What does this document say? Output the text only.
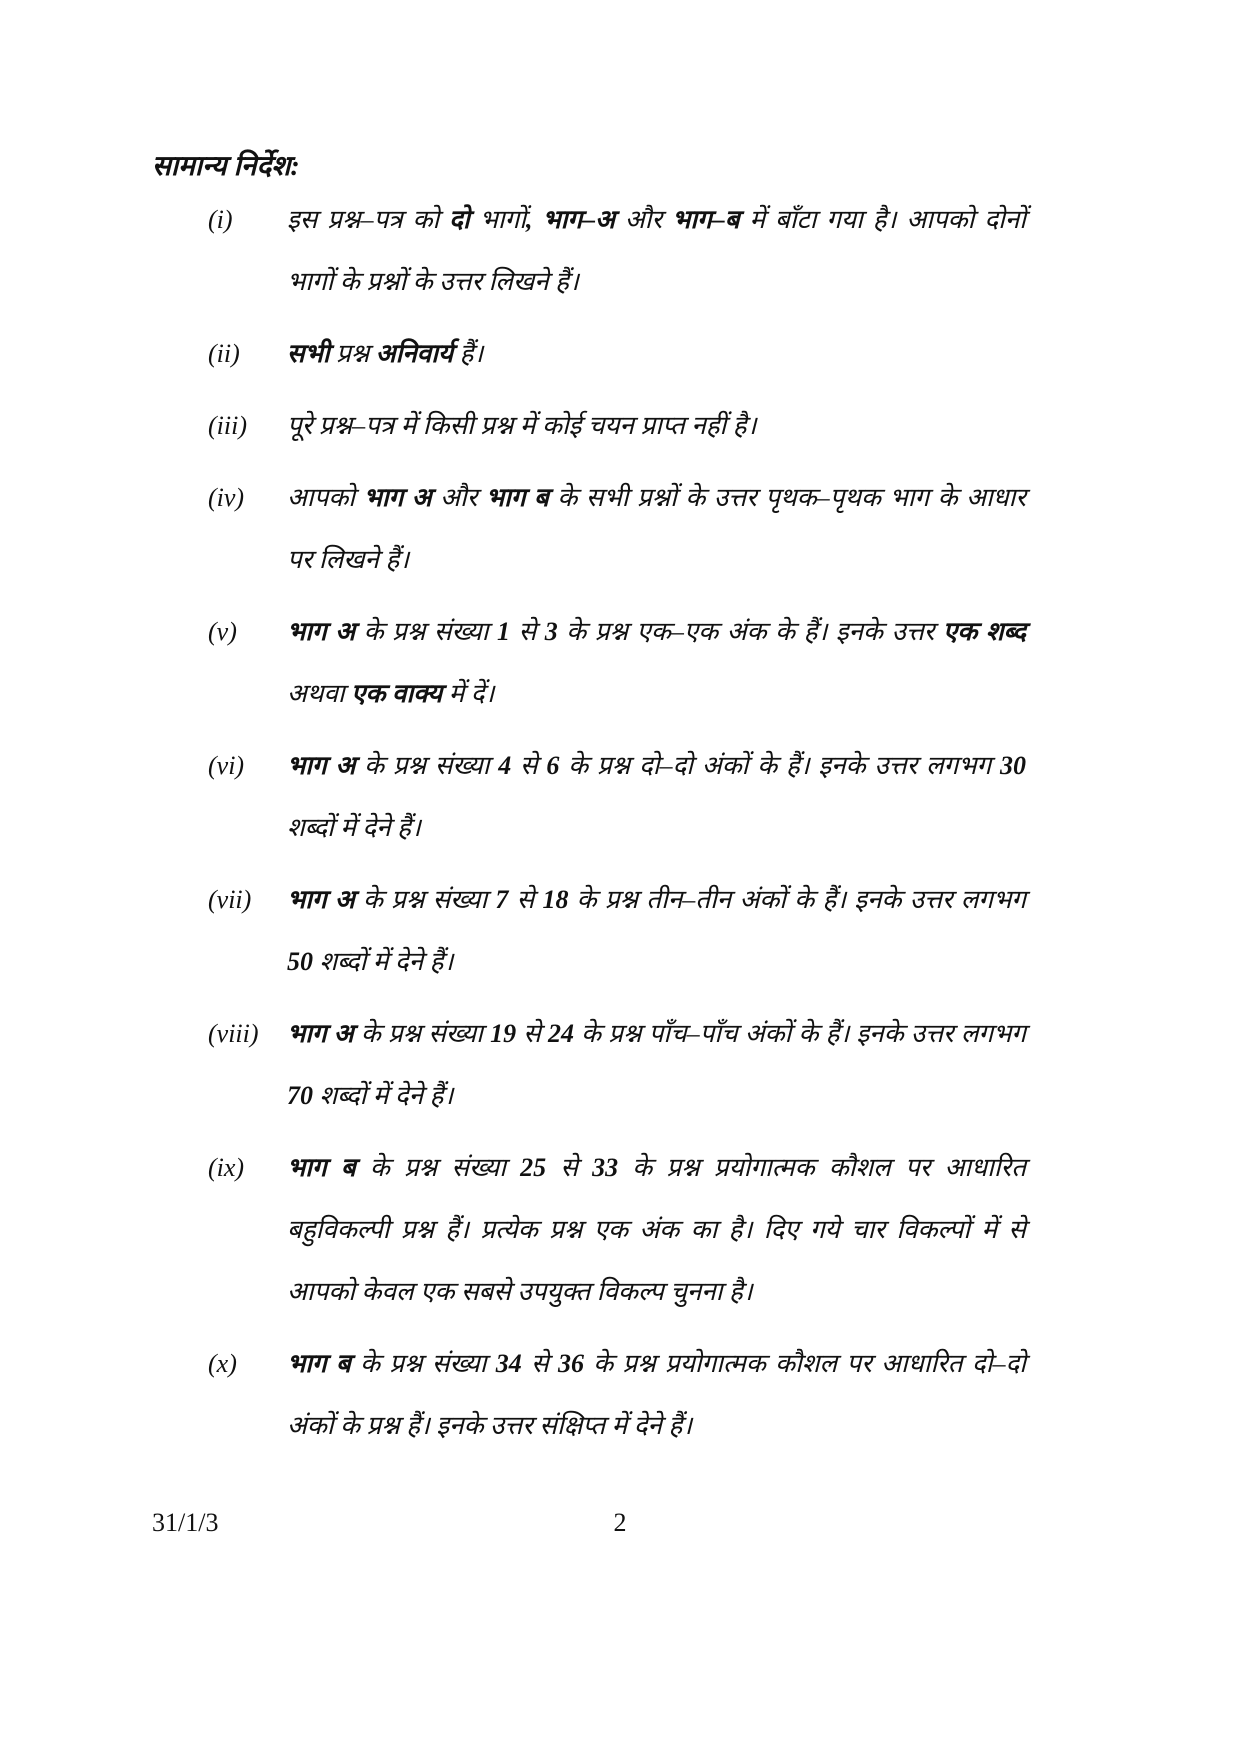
सामान्य निर्देश:
(i)	इस प्रश्न–पत्र को दो भागों, भाग–अ और भाग–ब में बाँटा गया है। आपको दोनों भागों के प्रश्नों के उत्तर लिखने हैं।
(ii)	सभी प्रश्न अनिवार्य हैं।
(iii)	पूरे प्रश्न–पत्र में किसी प्रश्न में कोई चयन प्राप्त नहीं है।
(iv)	आपको भाग अ और भाग ब के सभी प्रश्नों के उत्तर पृथक–पृथक भाग के आधार पर लिखने हैं।
(v)	भाग अ के प्रश्न संख्या 1 से 3 के प्रश्न एक–एक अंक के हैं। इनके उत्तर एक शब्द अथवा एक वाक्य में दें।
(vi)	भाग अ के प्रश्न संख्या 4 से 6 के प्रश्न दो–दो अंकों के हैं। इनके उत्तर लगभग 30 शब्दों में देने हैं।
(vii)	भाग अ के प्रश्न संख्या 7 से 18 के प्रश्न तीन–तीन अंकों के हैं। इनके उत्तर लगभग 50 शब्दों में देने हैं।
(viii)	भाग अ के प्रश्न संख्या 19 से 24 के प्रश्न पाँच–पाँच अंकों के हैं। इनके उत्तर लगभग 70 शब्दों में देने हैं।
(ix)	भाग ब के प्रश्न संख्या 25 से 33 के प्रश्न प्रयोगात्मक कौशल पर आधारित बहुविकल्पी प्रश्न हैं। प्रत्येक प्रश्न एक अंक का है। दिए गये चार विकल्पों में से आपको केवल एक सबसे उपयुक्त विकल्प चुनना है।
(x)	भाग ब के प्रश्न संख्या 34 से 36 के प्रश्न प्रयोगात्मक कौशल पर आधारित दो–दो अंकों के प्रश्न हैं। इनके उत्तर संक्षिप्त में देने हैं।
31/1/3	2
